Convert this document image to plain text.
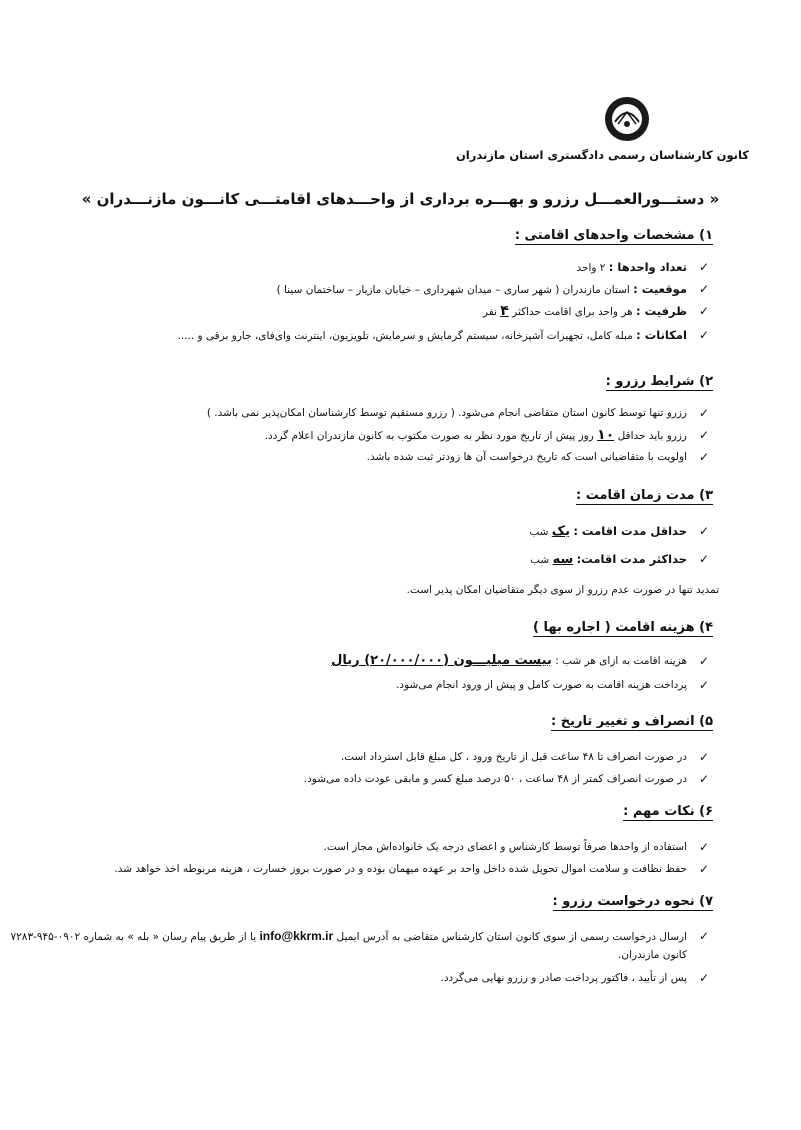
کانون کارشناسان رسمی دادگستری استان مازندران
« دستـــورالعمـــل رزرو و بهـــره برداری از واحـــدهای اقامتـــی کانـــون مازنـــدران »
۱) مشخصات واحدهای اقامتی :
✓
تعداد واحدها : ۲ واحد
✓
موقعیت : استان مازندران ( شهر ساری – میدان شهرداری – خیابان مازیار – ساختمان سینا )
✓
ظرفیت : هر واحد برای اقامت حداکثر ۴ نفر
✓
امکانات : مبله کامل، تجهیزات آشپزخانه، سیستم گرمایش و سرمایش، تلویزیون، اینترنت وای‌فای، جارو برقی و .....
۲) شرایط رزرو :
✓
رزرو تنها توسط کانون استان متقاضی انجام می‌شود. ( رزرو مستقیم توسط کارشناسان امکان‌پذیر نمی باشد. )
✓
رزرو باید حداقل ۱۰ روز پیش از تاریخ مورد نظر به صورت مکتوب به کانون مازندران اعلام گردد.
✓
اولویت با متقاضیانی است که تاریخ درخواست آن ها زودتر ثبت شده باشد.
۳) مدت زمان اقامت :
✓
حداقل مدت اقامت : یک شب
✓
حداکثر مدت اقامت: سه شب
تمدید تنها در صورت عدم رزرو از سوی دیگر متقاضیان امکان پذیر است.
۴) هزینه اقامت ( اجاره بها )
✓
هزینه اقامت به ازای هر شب : بیست میلیـــون (۲۰/۰۰۰/۰۰۰) ریال
✓
پرداخت هزینه اقامت به صورت کامل و پیش از ورود انجام می‌شود.
۵) انصراف و تغییر تاریخ :
✓
در صورت انصراف تا ۴۸ ساعت قبل از تاریخ ورود ، کل مبلغ قابل استرداد است.
✓
در صورت انصراف کمتر از ۴۸ ساعت ، ۵۰ درصد مبلغ کسر و مابقی عودت داده می‌شود.
۶) نکات مهم :
✓
استفاده از واحدها صرفاً توسط کارشناس و اعضای درجه یک خانواده‌اش مجاز است.
✓
حفظ نظافت و سلامت اموال تحویل شده داخل واحد بر عهده میهمان بوده و در صورت بروز خسارت ، هزینه مربوطه اخذ خواهد شد.
۷) نحوه درخواست رزرو :
✓
ارسال درخواست رسمی از سوی کانون استان کارشناس متقاضی به آدرس ایمیل info@kkrm.ir یا از طریق پیام رسان « بله » به شماره ۰۹۰۲-۹۴۵-۷۲۸۳ کانون مازندران.
✓
پس از تأیید ، فاکتور پرداخت صادر و رزرو نهایی می‌گردد.
